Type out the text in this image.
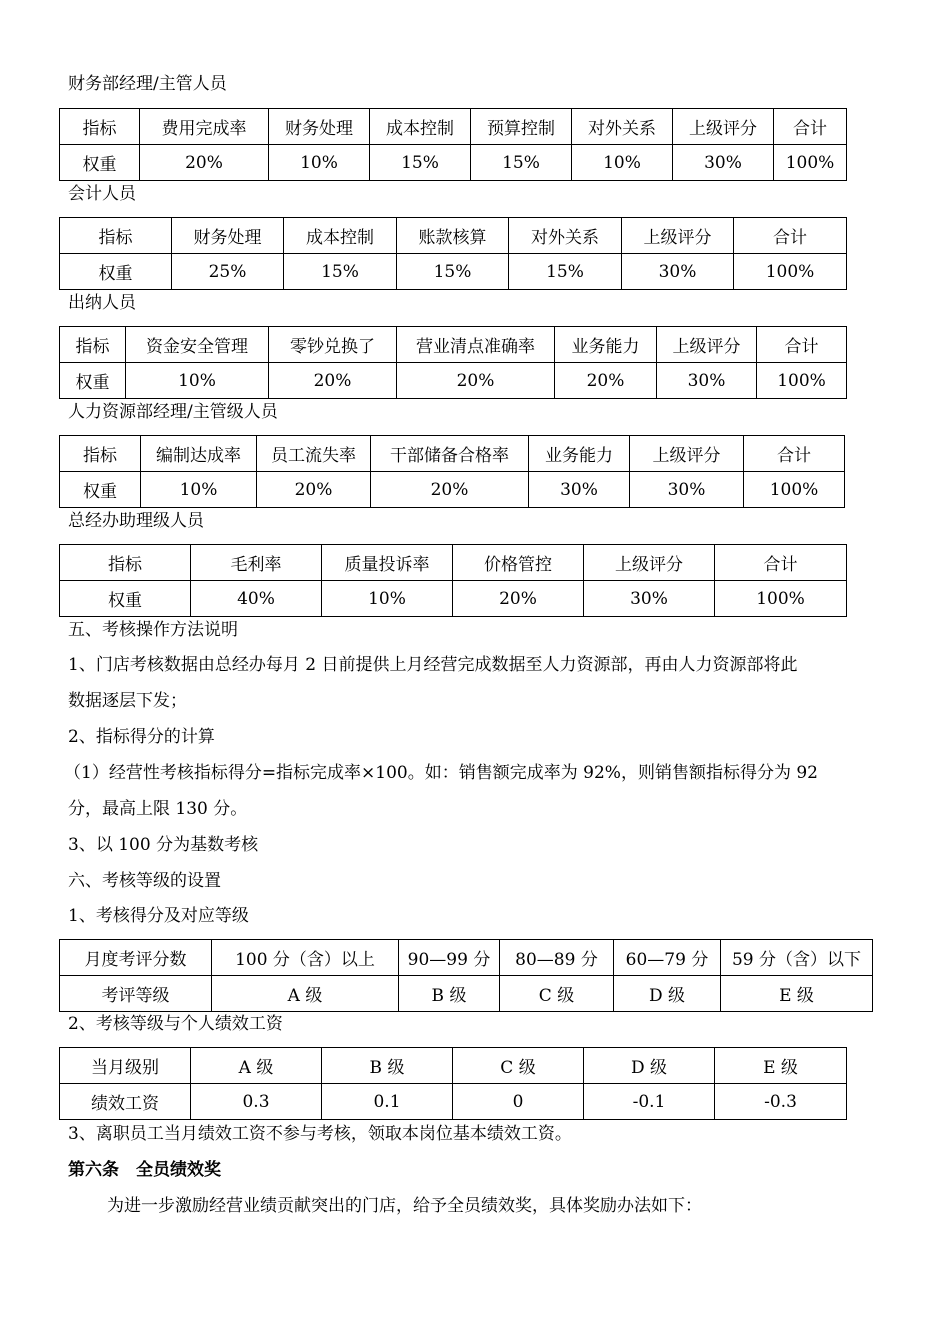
财务部经理/主管人员
指标	费用完成率	财务处理	成本控制	预算控制	对外关系	上级评分	合计
权重	20%	10%	15%	15%	10%	30%	100%
会计人员
指标	财务处理	成本控制	账款核算	对外关系	上级评分	合计
权重	25%	15%	15%	15%	30%	100%
出纳人员
指标	资金安全管理	零钞兑换了	营业清点准确率	业务能力	上级评分	合计
权重	10%	20%	20%	20%	30%	100%
人力资源部经理/主管级人员
指标	编制达成率	员工流失率	干部储备合格率	业务能力	上级评分	合计
权重	10%	20%	20%	30%	30%	100%
总经办助理级人员
指标	毛利率	质量投诉率	价格管控	上级评分	合计
权重	40%	10%	20%	30%	100%
五、考核操作方法说明
1、门店考核数据由总经办每月 2 日前提供上月经营完成数据至人力资源部，再由人力资源部将此
数据逐层下发；
2、指标得分的计算
（1）经营性考核指标得分=指标完成率×100。如：销售额完成率为 92%，则销售额指标得分为 92
分，最高上限 130 分。
3、以 100 分为基数考核
六、考核等级的设置
1、考核得分及对应等级
月度考评分数	100 分（含）以上	90—99 分	80—89 分	60—79 分	59 分（含）以下
考评等级	A 级	B 级	C 级	D 级	E 级
2、考核等级与个人绩效工资
当月级别	A 级	B 级	C 级	D 级	E 级
绩效工资	0.3	0.1	0	-0.1	-0.3
3、离职员工当月绩效工资不参与考核，领取本岗位基本绩效工资。
第六条　全员绩效奖
为进一步激励经营业绩贡献突出的门店，给予全员绩效奖，具体奖励办法如下：
